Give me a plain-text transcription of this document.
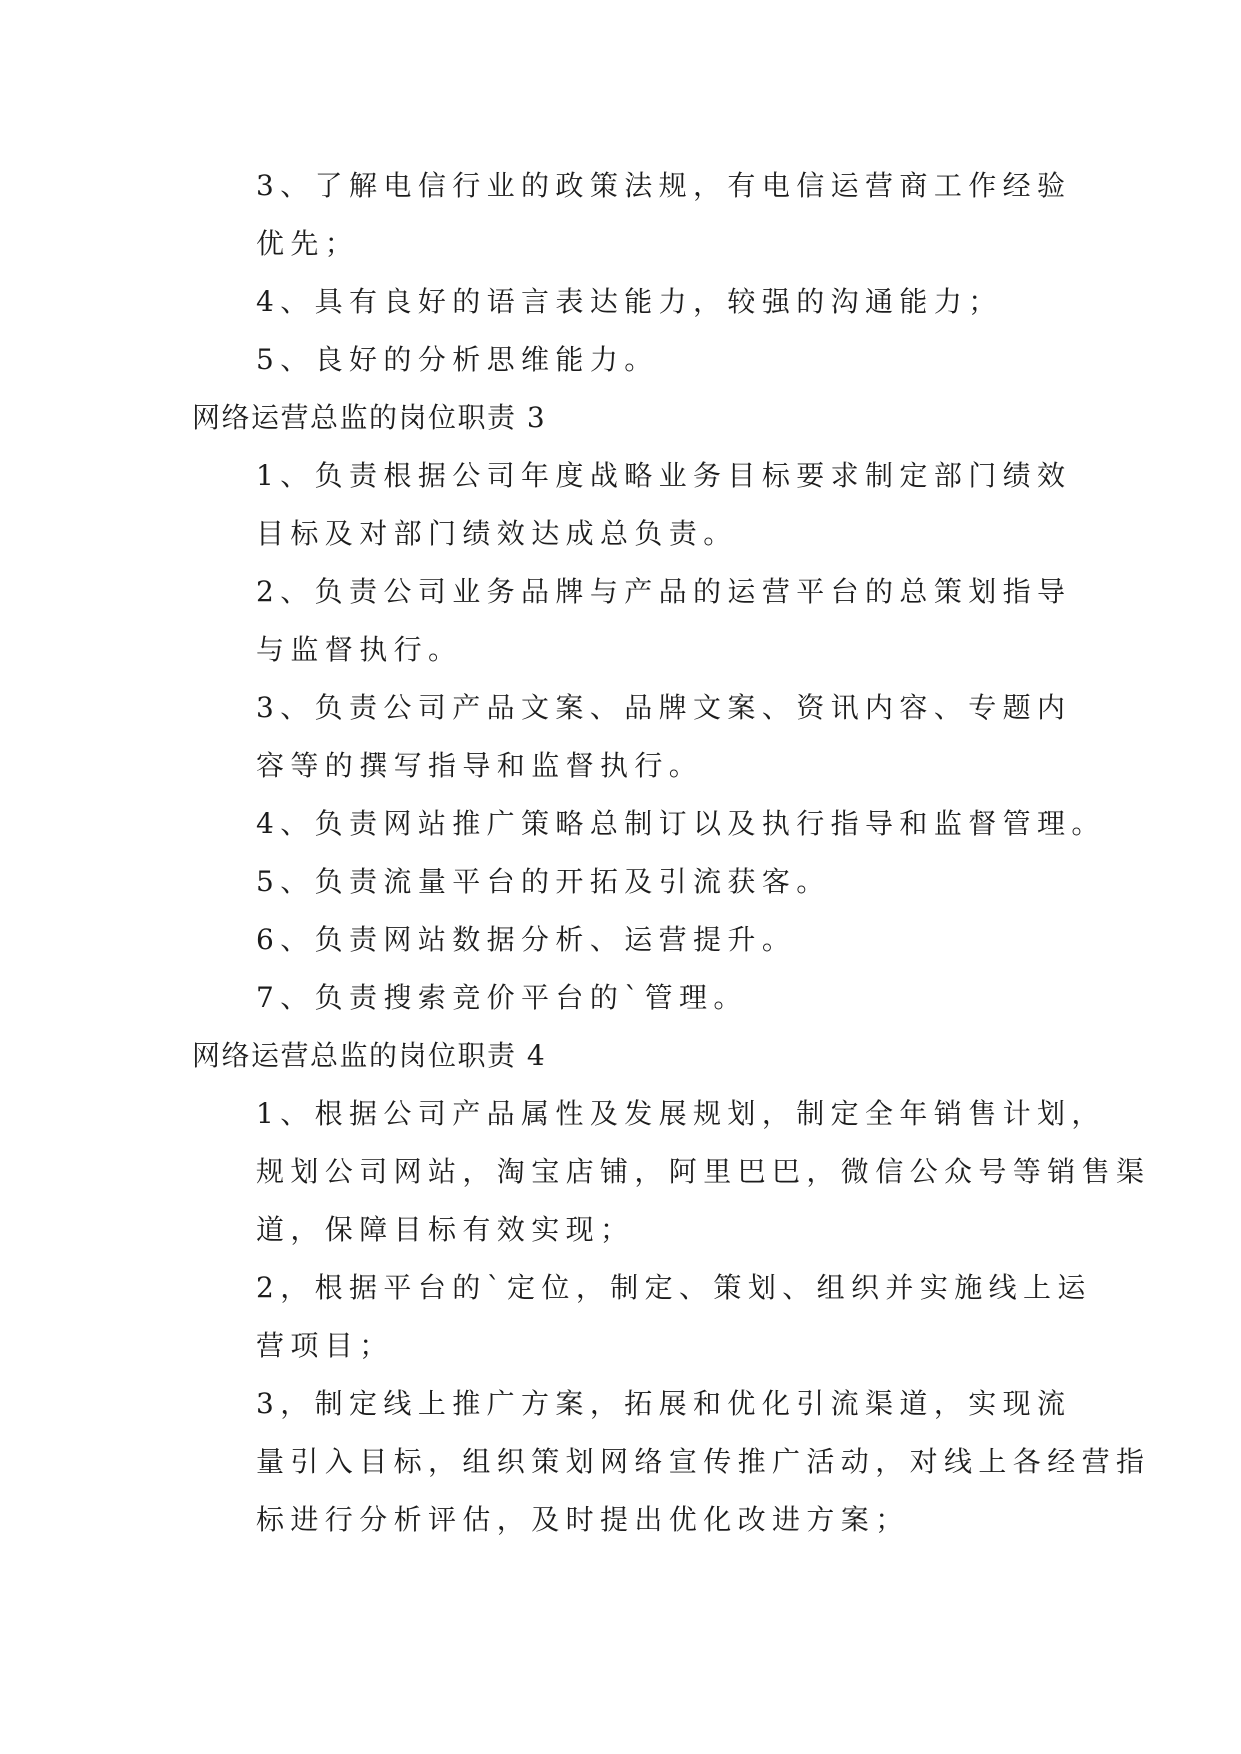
3、了解电信行业的政策法规，有电信运营商工作经验
优先；
4、具有良好的语言表达能力，较强的沟通能力；
5、良好的分析思维能力。
网络运营总监的岗位职责 3
1、负责根据公司年度战略业务目标要求制定部门绩效
目标及对部门绩效达成总负责。
2、负责公司业务品牌与产品的运营平台的总策划指导
与监督执行。
3、负责公司产品文案、品牌文案、资讯内容、专题内
容等的撰写指导和监督执行。
4、负责网站推广策略总制订以及执行指导和监督管理。
5、负责流量平台的开拓及引流获客。
6、负责网站数据分析、运营提升。
7、负责搜索竞价平台的`管理。
网络运营总监的岗位职责 4
1、根据公司产品属性及发展规划，制定全年销售计划，
规划公司网站，淘宝店铺，阿里巴巴，微信公众号等销售渠
道，保障目标有效实现；
2，根据平台的`定位，制定、策划、组织并实施线上运
营项目；
3，制定线上推广方案，拓展和优化引流渠道，实现流
量引入目标，组织策划网络宣传推广活动，对线上各经营指
标进行分析评估，及时提出优化改进方案；
